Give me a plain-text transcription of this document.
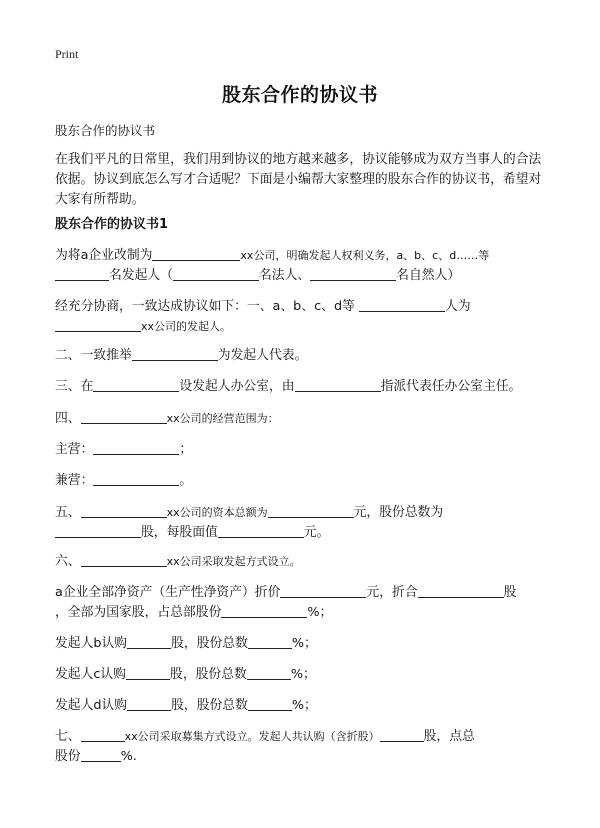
Print
股东合作的协议书
股东合作的协议书
在我们平凡的日常里，我们用到协议的地方越来越多，协议能够成为双方当事人的合法依据。协议到底怎么写才合适呢？下面是小编帮大家整理的股东合作的协议书，希望对大家有所帮助。
股东合作的协议书1
为将a企业改制为	xx公司，明确发起人权利义务，a、b、c、d……等
名发起人（	名法人、	名自然人）
经充分协商，一致达成协议如下：一、a、b、c、d等	人为
xx公司的发起人。
二、一致推举	为发起人代表。
三、在	设发起人办公室，由	指派代表任办公室主任。
四、	xx公司的经营范围为：
主营：	；
兼营：	。
五、	xx公司的资本总额为	元，股份总数为
股，每股面值	元。
六、	xx公司采取发起方式设立。
a企业全部净资产（生产性净资产）折价	元，折合	股
，全部为国家股，占总部股份	%；
发起人b认购	股，股份总数	%；
发起人c认购	股，股份总数	%；
发起人d认购	股，股份总数	%；
七、	xx公司采取募集方式设立。发起人共认购（含折股）	股，点总
股份	%.
